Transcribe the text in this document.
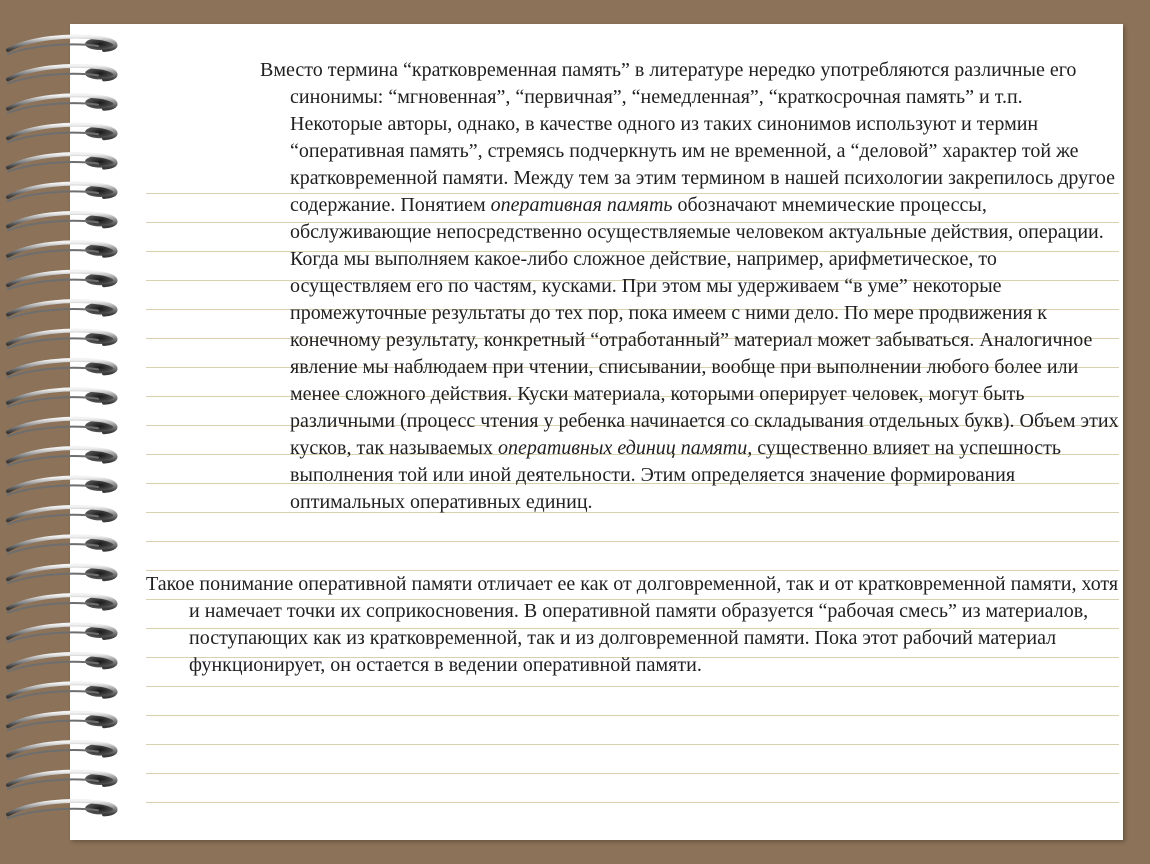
Вместо термина “кратковременная память” в литературе нередко употребляются различные его синонимы: “мгновенная”, “первичная”, “немедленная”, “краткосрочная память” и т.п. Некоторые авторы, однако, в качестве одного из таких синонимов используют и термин “оперативная память”, стремясь подчеркнуть им не временной, а “деловой” характер той же кратковременной памяти. Между тем за этим термином в нашей психологии закрепилось другое содержание. Понятием оперативная память обозначают мнемические процессы, обслуживающие непосредственно осуществляемые человеком актуальные действия, операции. Когда мы выполняем какое-либо сложное действие, например, арифметическое, то осуществляем его по частям, кусками. При этом мы удерживаем “в уме” некоторые промежуточные результаты до тех пор, пока имеем с ними дело. По мере продвижения к конечному результату, конкретный “отработанный” материал может забываться. Аналогичное явление мы наблюдаем при чтении, списывании, вообще при выполнении любого более или менее сложного действия. Куски материала, которыми оперирует человек, могут быть различными (процесс чтения у ребенка начинается со складывания отдельных букв). Объем этих кусков, так называемых оперативных единиц памяти, существенно влияет на успешность выполнения той или иной деятельности. Этим определяется значение формирования оптимальных оперативных единиц.

Такое понимание оперативной памяти отличает ее как от долговременной, так и от кратковременной памяти, хотя и намечает точки их соприкосновения. В оперативной памяти образуется “рабочая смесь” из материалов, поступающих как из кратковременной, так и из долговременной памяти. Пока этот рабочий материал функционирует, он остается в ведении оперативной памяти.
